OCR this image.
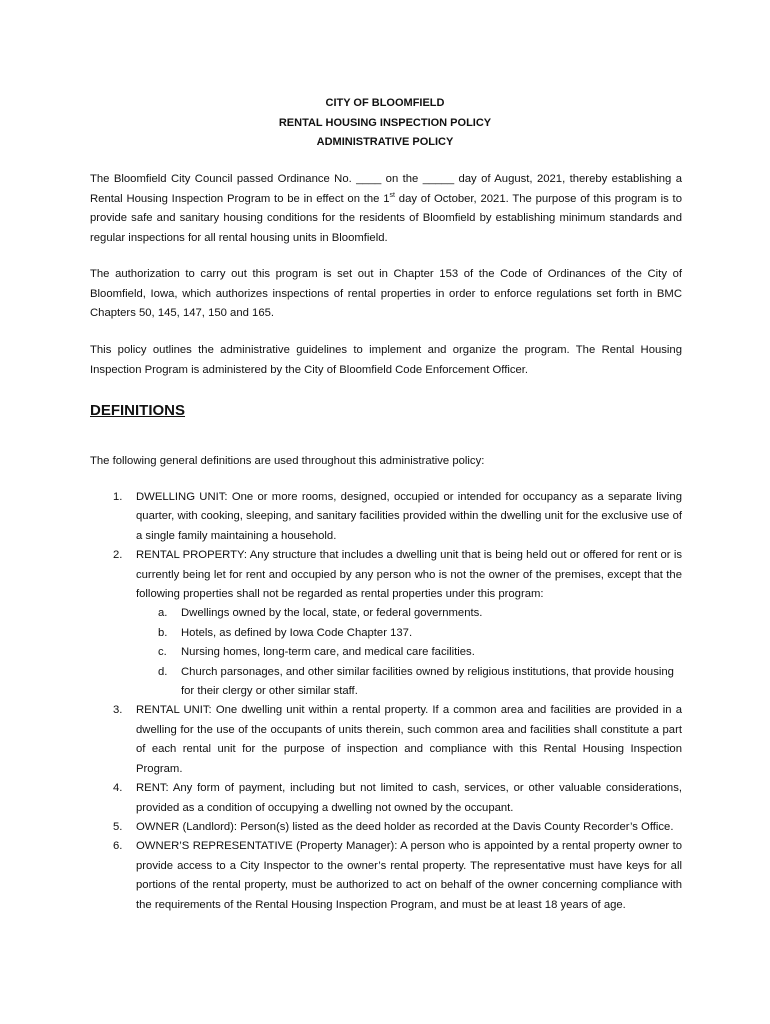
CITY OF BLOOMFIELD
RENTAL HOUSING INSPECTION POLICY
ADMINISTRATIVE POLICY

The Bloomfield City Council passed Ordinance No. ____ on the _____ day of August, 2021, thereby establishing a Rental Housing Inspection Program to be in effect on the 1st day of October, 2021. The purpose of this program is to provide safe and sanitary housing conditions for the residents of Bloomfield by establishing minimum standards and regular inspections for all rental housing units in Bloomfield.

The authorization to carry out this program is set out in Chapter 153 of the Code of Ordinances of the City of Bloomfield, Iowa, which authorizes inspections of rental properties in order to enforce regulations set forth in BMC Chapters 50, 145, 147, 150 and 165.

This policy outlines the administrative guidelines to implement and organize the program. The Rental Housing Inspection Program is administered by the City of Bloomfield Code Enforcement Officer.

DEFINITIONS

The following general definitions are used throughout this administrative policy:

1.	DWELLING UNIT: One or more rooms, designed, occupied or intended for occupancy as a separate living quarter, with cooking, sleeping, and sanitary facilities provided within the dwelling unit for the exclusive use of a single family maintaining a household.
2.	RENTAL PROPERTY: Any structure that includes a dwelling unit that is being held out or offered for rent or is currently being let for rent and occupied by any person who is not the owner of the premises, except that the following properties shall not be regarded as rental properties under this program:
a.	Dwellings owned by the local, state, or federal governments.
b.	Hotels, as defined by Iowa Code Chapter 137.
c.	Nursing homes, long-term care, and medical care facilities.
d.	Church parsonages, and other similar facilities owned by religious institutions, that provide housing for their clergy or other similar staff.
3.	RENTAL UNIT: One dwelling unit within a rental property. If a common area and facilities are provided in a dwelling for the use of the occupants of units therein, such common area and facilities shall constitute a part of each rental unit for the purpose of inspection and compliance with this Rental Housing Inspection Program.
4.	RENT: Any form of payment, including but not limited to cash, services, or other valuable considerations, provided as a condition of occupying a dwelling not owned by the occupant.
5.	OWNER (Landlord): Person(s) listed as the deed holder as recorded at the Davis County Recorder’s Office.
6.	OWNER’S REPRESENTATIVE (Property Manager): A person who is appointed by a rental property owner to provide access to a City Inspector to the owner’s rental property. The representative must have keys for all portions of the rental property, must be authorized to act on behalf of the owner concerning compliance with the requirements of the Rental Housing Inspection Program, and must be at least 18 years of age.
